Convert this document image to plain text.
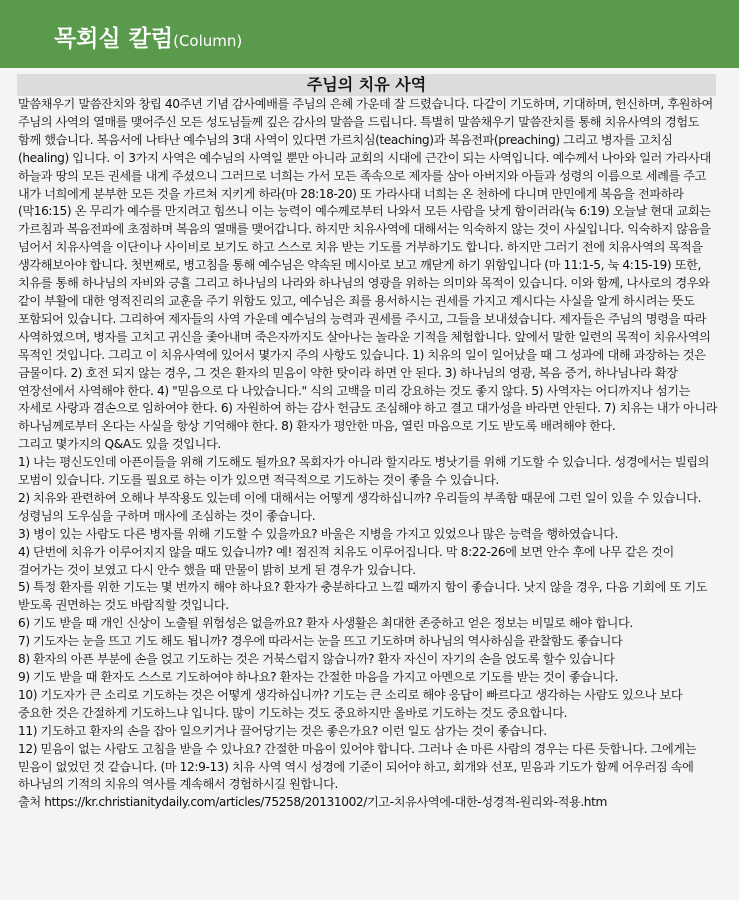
목회실 칼럼(Column)
주님의 치유 사역

말씀채우기 말씀잔치와 창립 40주년 기념 감사예배를 주님의 은혜 가운데 잘 드렸습니다. 다같이 기도하며, 기대하며, 헌신하며, 후원하여 주님의 사역의 열매를 맺어주신 모든 성도님들께 깊은 감사의 말씀을 드립니다. 특별히 말씀채우기 말씀잔치를 통해 치유사역의 경험도 함께 했습니다. 복음서에 나타난 예수님의 3대 사역이 있다면 가르치심(teaching)과 복음전파(preaching) 그리고 병자를 고치심(healing) 입니다. 이 3가지 사역은 예수님의 사역일 뿐만 아니라 교회의 시대에 근간이 되는 사역입니다. 예수께서 나아와 일러 가라사대 하늘과 땅의 모든 권세를 내게 주셨으니 그러므로 너희는 가서 모든 족속으로 제자를 삼아 아버지와 아들과 성령의 이름으로 세례를 주고 내가 너희에게 분부한 모든 것을 가르쳐 지키게 하라(마 28:18-20) 또 가라사대 너희는 온 천하에 다니며 만민에게 복음을 전파하라(막16:15) 온 무리가 예수를 만지려고 힘쓰니 이는 능력이 예수께로부터 나와서 모든 사람을 낫게 함이러라(눅 6:19) 오늘날 현대 교회는 가르침과 복음전파에 초점하며 복음의 열매를 맺어갑니다. 하지만 치유사역에 대해서는 익숙하지 않는 것이 사실입니다. 익숙하지 않음을 넘어서 치유사역을 이단이나 사이비로 보기도 하고 스스로 치유 받는 기도를 거부하기도 합니다. 하지만 그러기 전에 치유사역의 목적을 생각해보아야 합니다. 첫번째로, 병고침을 통해 예수님은 약속된 메시아로 보고 깨닫게 하기 위함입니다 (마 11:1-5, 눅 4:15-19) 또한, 치유를 통해 하나님의 자비와 긍휼 그리고 하나님의 나라와 하나님의 영광을 위하는 의미와 목적이 있습니다. 이와 함께, 나사로의 경우와 같이 부활에 대한 영적진리의 교훈을 주기 위함도 있고, 예수님은 죄를 용서하시는 권세를 가지고 계시다는 사실을 알게 하시려는 뜻도 포함되어 있습니다. 그리하여 제자들의 사역 가운데 예수님의 능력과 권세를 주시고, 그들을 보내셨습니다. 제자들은 주님의 명령을 따라 사역하였으며, 병자를 고치고 귀신을 좇아내며 죽은자까지도 살아나는 놀라운 기적을 체험합니다. 앞에서 말한 일련의 목적이 치유사역의 목적인 것입니다. 그리고 이 치유사역에 있어서 몇가지 주의 사항도 있습니다. 1) 치유의 일이 일어났을 때 그 성과에 대해 과장하는 것은 금물이다. 2) 호전 되지 않는 경우, 그 것은 환자의 믿음이 약한 탓이라 하면 안 된다. 3) 하나님의 영광, 복음 증거, 하나님나라 확장 연장선에서 사역해야 한다. 4) "믿음으로 다 나았습니다." 식의 고백을 미리 강요하는 것도 좋지 않다. 5) 사역자는 어디까지나 섬기는 자세로 사랑과 겸손으로 임하여야 한다. 6) 자원하여 하는 감사 헌금도 조심해야 하고 결고 대가성을 바라면 안된다. 7) 치유는 내가 아니라 하나님께로부터 온다는 사실을 항상 기억해야 한다. 8) 환자가 평안한 마음, 열린 마음으로 기도 받도록 배려해야 한다.

그리고 몇가지의 Q&A도 있을 것입니다.

1) 나는 평신도인데 아픈이들을 위해 기도해도 될까요? 목회자가 아니라 할지라도 병낫기를 위해 기도할 수 있습니다. 성경에서는 빌립의 모범이 있습니다. 기도를 필요로 하는 이가 있으면 적극적으로 기도하는 것이 좋을 수 있습니다.

2) 치유와 관련하여 오해나 부작용도 있는데 이에 대해서는 어떻게 생각하십니까? 우리들의 부족함 때문에 그런 일이 있을 수 있습니다. 성령님의 도우심을 구하며 매사에 조심하는 것이 좋습니다.

3) 병이 있는 사람도 다른 병자를 위해 기도할 수 있을까요? 바울은 지병을 가지고 있었으나 많은 능력을 행하였습니다.

4) 단번에 치유가 이루어지지 않을 때도 있습니까? 예! 점진적 치유도 이루어집니다. 막 8:22-26에 보면 안수 후에 나무 같은 것이 걸어가는 것이 보였고 다시 안수 했을 때 만물이 밝히 보게 된 경우가 있습니다.

5) 특정 환자를 위한 기도는 몇 번까지 해야 하나요? 환자가 충분하다고 느낄 때까지 함이 좋습니다. 낫지 않을 경우, 다음 기회에 또 기도 받도록 권면하는 것도 바람직할 것입니다.

6) 기도 받을 때 개인 신상이 노출될 위험성은 없을까요? 환자 사생활은 최대한 존중하고 얻은 정보는 비밀로 해야 합니다.

7) 기도자는 눈을 뜨고 기도 해도 됩니까? 경우에 따라서는 눈을 뜨고 기도하며 하나님의 역사하심을 관찰함도 좋습니다

8) 환자의 아픈 부분에 손을 얹고 기도하는 것은 거북스럽지 않습니까? 환자 자신이 자기의 손을 얹도록 할수 있습니다

9) 기도 받을 때 환자도 스스로 기도하여야 하나요? 환자는 간절한 마음을 가지고 아멘으로 기도를 받는 것이 좋습니다.

10) 기도자가 큰 소리로 기도하는 것은 어떻게 생각하십니까? 기도는 큰 소리로 해야 응답이 빠르다고 생각하는 사람도 있으나 보다 중요한 것은 간절하게 기도하느냐 입니다. 많이 기도하는 것도 중요하지만 올바로 기도하는 것도 중요합니다.

11) 기도하고 환자의 손을 잡아 일으키거나 끌어당기는 것은 좋은가요? 이런 일도 삼가는 것이 좋습니다.

12) 믿음이 없는 사람도 고침을 받을 수 있나요? 간절한 마음이 있어야 합니다. 그러나 손 마른 사람의 경우는 다른 듯합니다. 그에게는 믿음이 없었던 것 같습니다. (마 12:9-13) 치유 사역 역시 성경에 기준이 되어야 하고, 회개와 선포, 믿음과 기도가 함께 어우러짐 속에 하나님의 기적의 치유의 역사를 계속해서 경험하시길 원합니다.

출처 https://kr.christianitydaily.com/articles/75258/20131002/기고-치유사역에-대한-성경적-원리와-적용.htm
